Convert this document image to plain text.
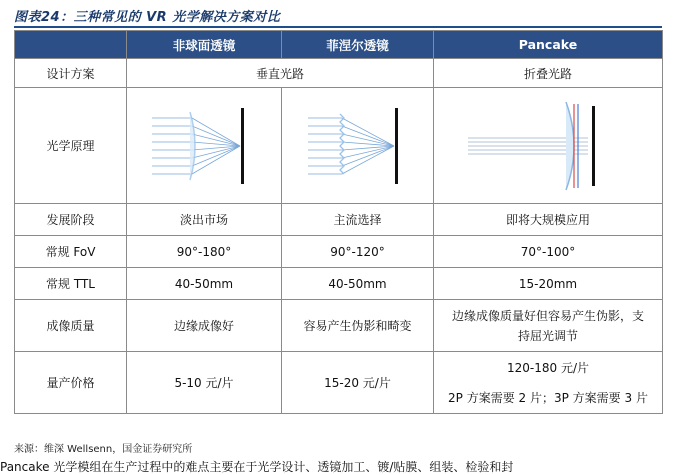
图表24：三种常见的 VR 光学解决方案对比
	非球面透镜	菲涅尔透镜	Pancake
设计方案	垂直光路		折叠光路
光学原理	

发展阶段	淡出市场	主流选择	即将大规模应用
常规 FoV	90°-180°	90°-120°	70°-100°
常规 TTL	40-50mm	40-50mm	15-20mm
成像质量	边缘成像好	容易产生伪影和畸变	边缘成像质量好但容易产生伪影，支
持屈光调节

量产价格	5-10 元/片	15-20 元/片	120-180 元/片
2P 方案需要 2 片；3P 方案需要 3 片
来源：维深 Wellsenn，国金证券研究所
Pancake 光学模组在生产过程中的难点主要在于光学设计、透镜加工、镀/贴膜、组装、检验和封
